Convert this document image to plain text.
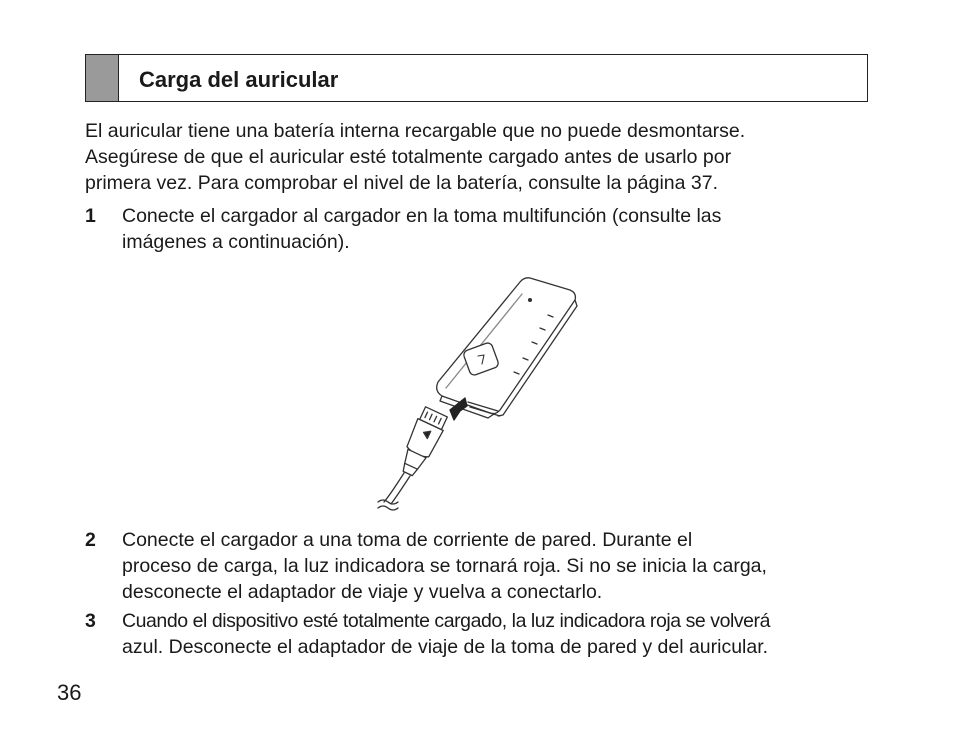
Carga del auricular
El auricular tiene una batería interna recargable que no puede desmontarse.
Asegúrese de que el auricular esté totalmente cargado antes de usarlo por
primera vez. Para comprobar el nivel de la batería, consulte la página 37.
1 Conecte el cargador al cargador en la toma multifunción (consulte las
imágenes a continuación).
2 Conecte el cargador a una toma de corriente de pared. Durante el
proceso de carga, la luz indicadora se tornará roja. Si no se inicia la carga,
desconecte el adaptador de viaje y vuelva a conectarlo.
3 Cuando el dispositivo esté totalmente cargado, la luz indicadora roja se volverá
azul. Desconecte el adaptador de viaje de la toma de pared y del auricular.
36
